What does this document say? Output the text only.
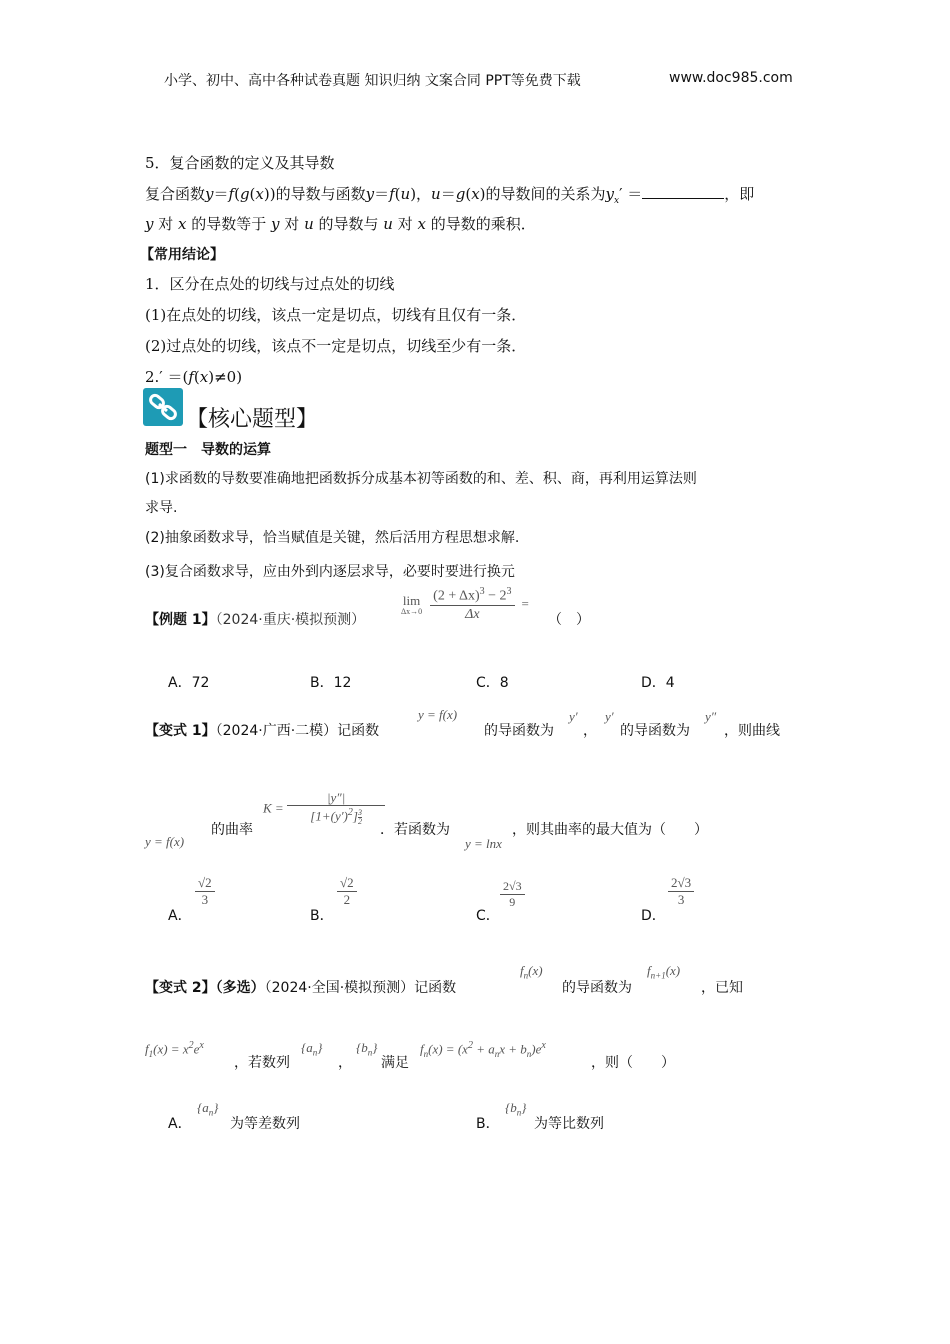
小学、初中、高中各种试卷真题 知识归纳 文案合同 PPT等免费下载	www.doc985.com
5．复合函数的定义及其导数
复合函数y＝f(g(x))的导数与函数y＝f(u)，u＝g(x)的导数间的关系为$y_x'$ ＝	，即
y 对 x 的导数等于 y 对 u 的导数与 u 对 x 的导数的乘积．
【常用结论】
1．区分在点处的切线与过点处的切线
(1)在点处的切线，该点一定是切点，切线有且仅有一条．
(2)过点处的切线，该点不一定是切点，切线至少有一条．
2.′ ＝(f(x)≠0)
【核心题型】
题型一　导数的运算
(1)求函数的导数要准确地把函数拆分成基本初等函数的和、差、积、商，再利用运算法则
求导.
(2)抽象函数求导，恰当赋值是关键，然后活用方程思想求解.
(3)复合函数求导，应由外到内逐层求导，必要时要进行换元
【例题 1】（2024·重庆·模拟预测）
lim
Δx→0
$\frac{(2 + \Delta x)^3 - 2^3}{\Delta x}$ =
（　）
A．72	B．12	C．8	D．4
【变式 1】（2024·广西·二模）记函数
y = f(x)
的导函数为
y′
，
y′
的导函数为
y″
，则曲线
y = f(x)
的曲率
$K = \frac{|y''|}{[1+(y')^2] \frac{3}{2}}$
．若函数为
y = lnx
，则其曲率的最大值为（　　）
A．
$\frac{√2}{3}$
B．
$\frac{√2}{2}$
C．
$\frac{2√3}{9}$
D．
$\frac{2√3}{3}$
【变式 2】（多选）（2024·全国·模拟预测）记函数
$f_n(x)$
的导函数为
$f_{n+1}(x)$
，已知
$f_1(x) = x^2e^x$
，若数列
$\{a_n\}$
，
$\{b_n\}$
满足
$f_n(x) = (x^2 + a_nx + b_n)e^x$
，则（　　）
A．
$\{a_n\}$
为等差数列	B．
$\{b_n\}$
为等比数列
